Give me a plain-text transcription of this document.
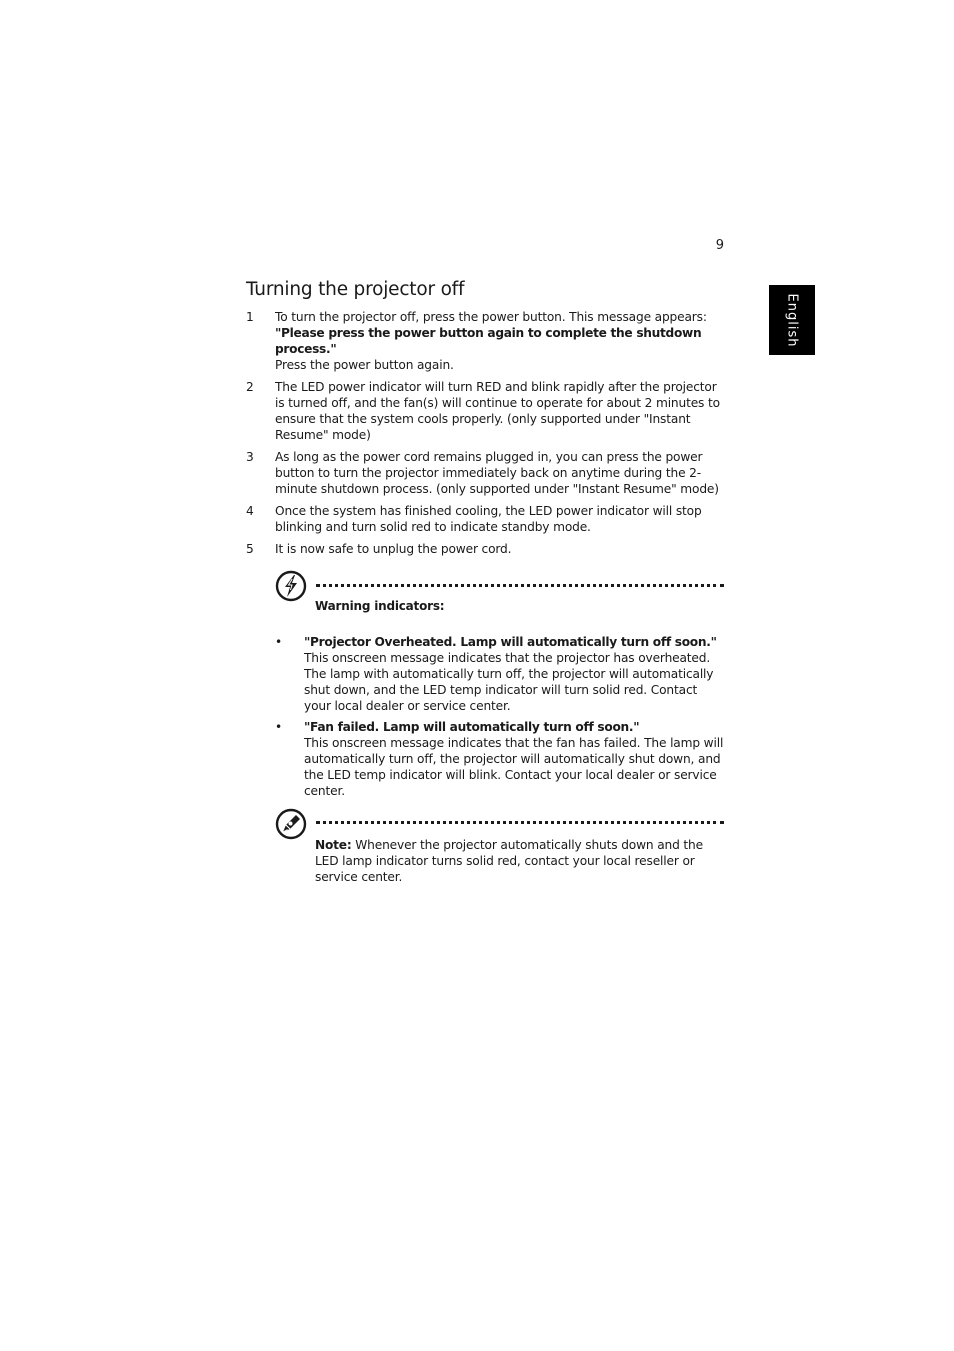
9
English
Turning the projector off
1	To turn the projector off, press the power button. This message appears:
"Please press the power button again to complete the shutdown process."
Press the power button again.
2	The LED power indicator will turn RED and blink rapidly after the projector is turned off, and the fan(s) will continue to operate for about 2 minutes to ensure that the system cools properly. (only supported under "Instant Resume" mode)
3	As long as the power cord remains plugged in, you can press the power button to turn the projector immediately back on anytime during the 2-minute shutdown process. (only supported under "Instant Resume" mode)
4	Once the system has finished cooling, the LED power indicator will stop blinking and turn solid red to indicate standby mode.
5	It is now safe to unplug the power cord.
Warning indicators:
•	"Projector Overheated. Lamp will automatically turn off soon."
This onscreen message indicates that the projector has overheated. The lamp with automatically turn off, the projector will automatically shut down, and the LED temp indicator will turn solid red. Contact your local dealer or service center.
•	"Fan failed. Lamp will automatically turn off soon."
This onscreen message indicates that the fan has failed. The lamp will automatically turn off, the projector will automatically shut down, and the LED temp indicator will blink. Contact your local dealer or service center.
Note: Whenever the projector automatically shuts down and the LED lamp indicator turns solid red, contact your local reseller or service center.
